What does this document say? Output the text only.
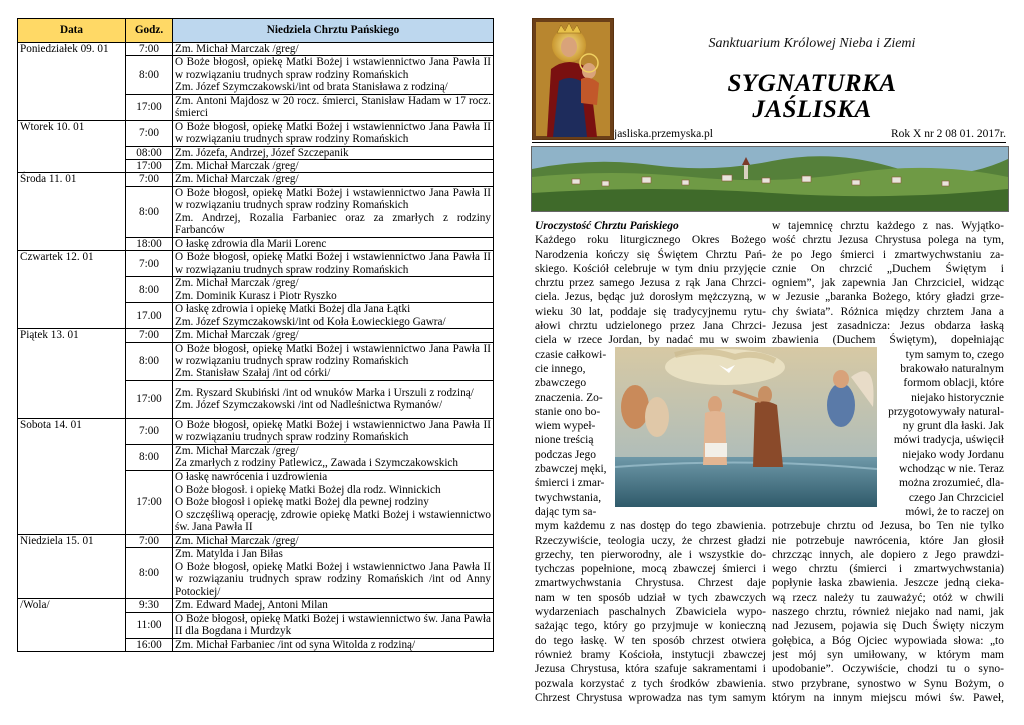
Data	Godz.	Niedziela Chrztu Pańskiego
Poniedziałek 09. 01	7:00	Zm. Michał Marczak /greg/

	8:00	O Boże błogosł, opiekę Matki Bożej i wstawiennictwo Jana Pawła II w rozwiązaniu trudnych spraw rodziny Romańskich
Zm. Józef Szymczakowski/int od brata Stanisława z rodziną/

	17:00	Zm. Antoni Majdosz w 20 rocz. śmierci, Stanisław Hadam w 17 rocz. śmierci

Wtorek 10. 01	7:00	O Boże błogosł, opiekę Matki Bożej i wstawiennictwo Jana Pawła II w rozwiązaniu trudnych spraw rodziny Romańskich

	08:00	Zm. Józefa, Andrzej, Józef Szczepanik

	17:00	Zm. Michał Marczak /greg/

Środa 11. 01	7:00	Zm. Michał Marczak /greg/

	8:00	O Boże błogosł, opiekę Matki Bożej i wstawiennictwo Jana Pawła II w rozwiązaniu trudnych spraw rodziny Romańskich
Zm. Andrzej, Rozalia Farbaniec oraz za zmarłych z rodziny Farbanców

	18:00	O łaskę zdrowia dla Marii Lorenc

Czwartek 12. 01	7:00	O Boże błogosł, opiekę Matki Bożej i wstawiennictwo Jana Pawła II w rozwiązaniu trudnych spraw rodziny Romańskich

	8:00	Zm. Michał Marczak /greg/
Zm. Dominik Kurasz i Piotr Ryszko

	17.00	O łaskę zdrowia i opiekę Matki Bożej dla Jana Łątki
Zm. Józef Szymczakowski/int od Koła Łowieckiego Gawra/

Piątek 13. 01	7:00	Zm. Michał Marczak /greg/

	8:00	O Boże błogosł, opiekę Matki Bożej i wstawiennictwo Jana Pawła II w rozwiązaniu trudnych spraw rodziny Romańskich
Zm. Stanisław Szałaj /int od córki/

	17:00	Zm. Ryszard Skubiński /int od wnuków Marka i Urszuli z rodziną/
Zm. Józef Szymczakowski /int od Nadleśnictwa Rymanów/

Sobota 14. 01	7:00	O Boże błogosł, opiekę Matki Bożej i wstawiennictwo Jana Pawła II w rozwiązaniu trudnych spraw rodziny Romańskich

	8:00	Zm. Michał Marczak /greg/
Za zmarłych z rodziny Patlewicz,, Zawada i Szymczakowskich

	17:00	O łaskę nawrócenia i uzdrowienia
O Boże błogosł. i opiekę Matki Bożej dla rodz. Winnickich
O Boże błogosł i opiekę matki Bożej dla pewnej rodziny
O szczęśliwą operację, zdrowie opiekę Matki Bożej i wstawiennictwo św. Jana Pawła II

Niedziela 15. 01	7:00	Zm. Michał Marczak /greg/

	8:00	Zm. Matylda i Jan Biłas
O Boże błogosł, opiekę Matki Bożej i wstawiennictwo Jana Pawła II w rozwiązaniu trudnych spraw rodziny Romańskich /int od Anny Potockiej/

/Wola/	9:30	Zm. Edward Madej, Antoni Milan

	11:00	O Boże błogosł, opiekę Matki Bożej i wstawiennictwo św. Jana Pawła II dla Bogdana i Murdzyk

	16:00	Zm. Michał Farbaniec /int od syna Witolda z rodziną/
Sanktuarium Królowej Nieba i Ziemi
SYGNATURKA
JAŚLISKA
jasliska.przemyska.pl	Rok X nr 2 08 01. 2017r.
Uroczystość Chrztu Pańskiego
Każdego roku liturgicznego Okres Bożego
Narodzenia kończy się Świętem Chrztu Pań-
skiego. Kościół celebruje w tym dniu przyjęcie
chrztu przez samego Jezusa z rąk Jana Chrzci-
ciela. Jezus, będąc już dorosłym mężczyzną, w
wieku 30 lat, poddaje się tradycyjnemu rytu-
ałowi chrztu udzielonego przez Jana Chrzci-
ciela w rzece Jordan, by nadać mu w swoim
czasie całkowi-
cie innego,
zbawczego
znaczenia. Zo-
stanie ono bo-
wiem wypeł-
nione treścią
podczas Jego
zbawczej męki,
śmierci i zmar-
twychwstania,
dając tym sa-
mym każdemu z nas dostęp do tego zbawienia.
Rzeczywiście, teologia uczy, że chrzest gładzi
grzechy, ten pierworodny, ale i wszystkie do-
tychczas popełnione, mocą zbawczej śmierci i
zmartwychwstania Chrystusa. Chrzest daje
nam w ten sposób udział w tych zbawczych
wydarzeniach paschalnych Zbawiciela wypo-
sażając tego, który go przyjmuje w konieczną
do tego łaskę. W ten sposób chrzest otwiera
również bramy Kościoła, instytucji zbawczej
Jezusa Chrystusa, która szafuje sakramentami i
pozwala korzystać z tych środków zbawienia.
Chrzest Chrystusa wprowadza nas tym samym
w tajemnicę chrztu każdego z nas. Wyjątko-
wość chrztu Jezusa Chrystusa polega na tym,
że po Jego śmierci i zmartwychwstaniu za-
cznie On chrzcić „Duchem Świętym i
ogniem”, jak zapewnia Jan Chrzciciel, widząc
w Jezusie „baranka Bożego, który gładzi grze-
chy świata”. Różnica między chrztem Jana a
Jezusa jest zasadnicza: Jezus obdarza łaską
zbawienia (Duchem Świętym), dopełniając
tym samym to, czego
brakowało naturalnym
formom oblacji, które
niejako historycznie
przygotowywały natural-
ny grunt dla łaski. Jak
mówi tradycja, uświęcił
niejako wody Jordanu
wchodząc w nie. Teraz
można zrozumieć, dla-
czego Jan Chrzciciel
mówi, że to raczej on
potrzebuje chrztu od Jezusa, bo Ten nie tylko
nie potrzebuje nawrócenia, które Jan głosił
chrzcząc innych, ale dopiero z Jego prawdzi-
wego chrztu (śmierci i zmartwychwstania)
popłynie łaska zbawienia. Jeszcze jedną cieka-
wą rzecz należy tu zauważyć; otóż w chwili
naszego chrztu, również niejako nad nami, jak
nad Jezusem, pojawia się Duch Święty niczym
gołębica, a Bóg Ojciec wypowiada słowa: „to
jest mój syn umiłowany, w którym mam
upodobanie”. Oczywiście, chodzi tu o syno-
stwo przybrane, synostwo w Synu Bożym, o
którym na innym miejscu mówi św. Paweł,
